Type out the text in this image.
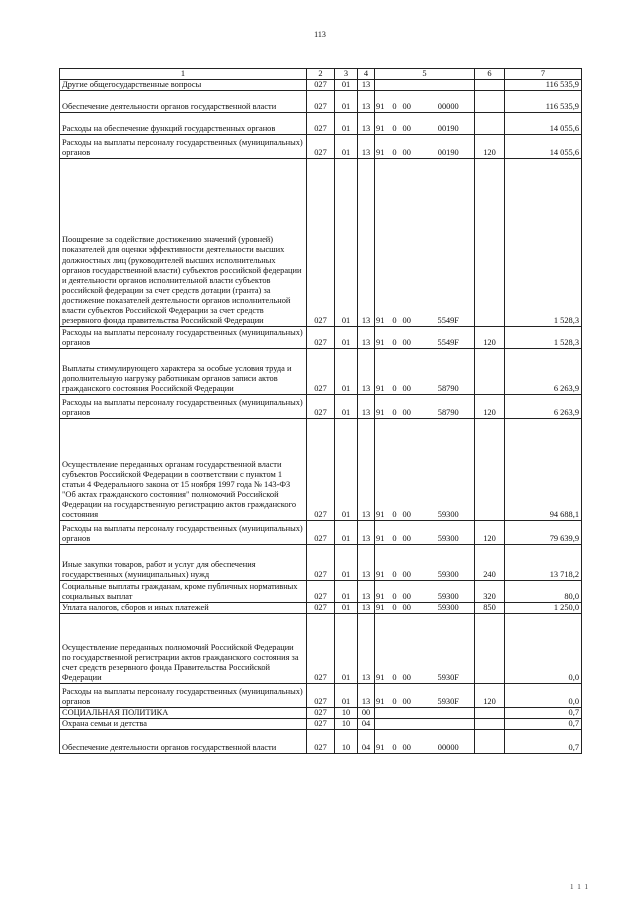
113
1	2	3	4	5				6	7
Другие общегосударственные вопросы	027	01	13						116 535,9
Обеспечение деятельности органов государственной власти	027	01	13	91	0	00	00000		116 535,9
Расходы на обеспечение функций государственных органов	027	01	13	91	0	00	00190		14 055,6
Расходы на выплаты персоналу государственных (муниципальных) органов	027	01	13	91	0	00	00190	120	14 055,6
Поощрение за содействие достижению значений (уровней) показателей для оценки эффективности деятельности высших должностных лиц (руководителей высших исполнительных органов государственной власти) субъектов российской федерации и деятельности органов исполнительной власти субъектов российской федерации за счет средств дотации (гранта) за достижение показателей деятельности органов исполнительной власти субъектов Российской Федерации за счет средств резервного фонда правительства Российской Федерации	027	01	13	91	0	00	5549F		1 528,3
Расходы на выплаты персоналу государственных (муниципальных) органов	027	01	13	91	0	00	5549F	120	1 528,3
Выплаты стимулирующего характера за особые условия труда и дополнительную нагрузку работникам органов записи актов гражданского состояния Российской Федерации	027	01	13	91	0	00	58790		6 263,9
Расходы на выплаты персоналу государственных (муниципальных) органов	027	01	13	91	0	00	58790	120	6 263,9
Осуществление переданных органам государственной власти субъектов Российской Федерации в соответствии с пунктом 1 статьи 4 Федерального закона от 15 ноября 1997 года № 143-ФЗ "Об актах гражданского состояния" полномочий Российской Федерации на государственную регистрацию актов гражданского состояния	027	01	13	91	0	00	59300		94 688,1
Расходы на выплаты персоналу государственных (муниципальных) органов	027	01	13	91	0	00	59300	120	79 639,9
Иные закупки товаров, работ и услуг для обеспечения государственных (муниципальных) нужд	027	01	13	91	0	00	59300	240	13 718,2
Социальные выплаты гражданам, кроме публичных нормативных социальных выплат	027	01	13	91	0	00	59300	320	80,0
Уплата налогов, сборов и иных платежей	027	01	13	91	0	00	59300	850	1 250,0
Осуществление переданных полномочий Российской Федерации по государственной регистрации актов гражданского состояния за счет средств резервного фонда Правительства Российской Федерации	027	01	13	91	0	00	5930F		0,0
Расходы на выплаты персоналу государственных (муниципальных) органов	027	01	13	91	0	00	5930F	120	0,0
СОЦИАЛЬНАЯ ПОЛИТИКА	027	10	00						0,7
Охрана семьи и детства	027	10	04						0,7
Обеспечение деятельности органов государственной власти	027	10	04	91	0	00	00000		0,7
1 1 1
